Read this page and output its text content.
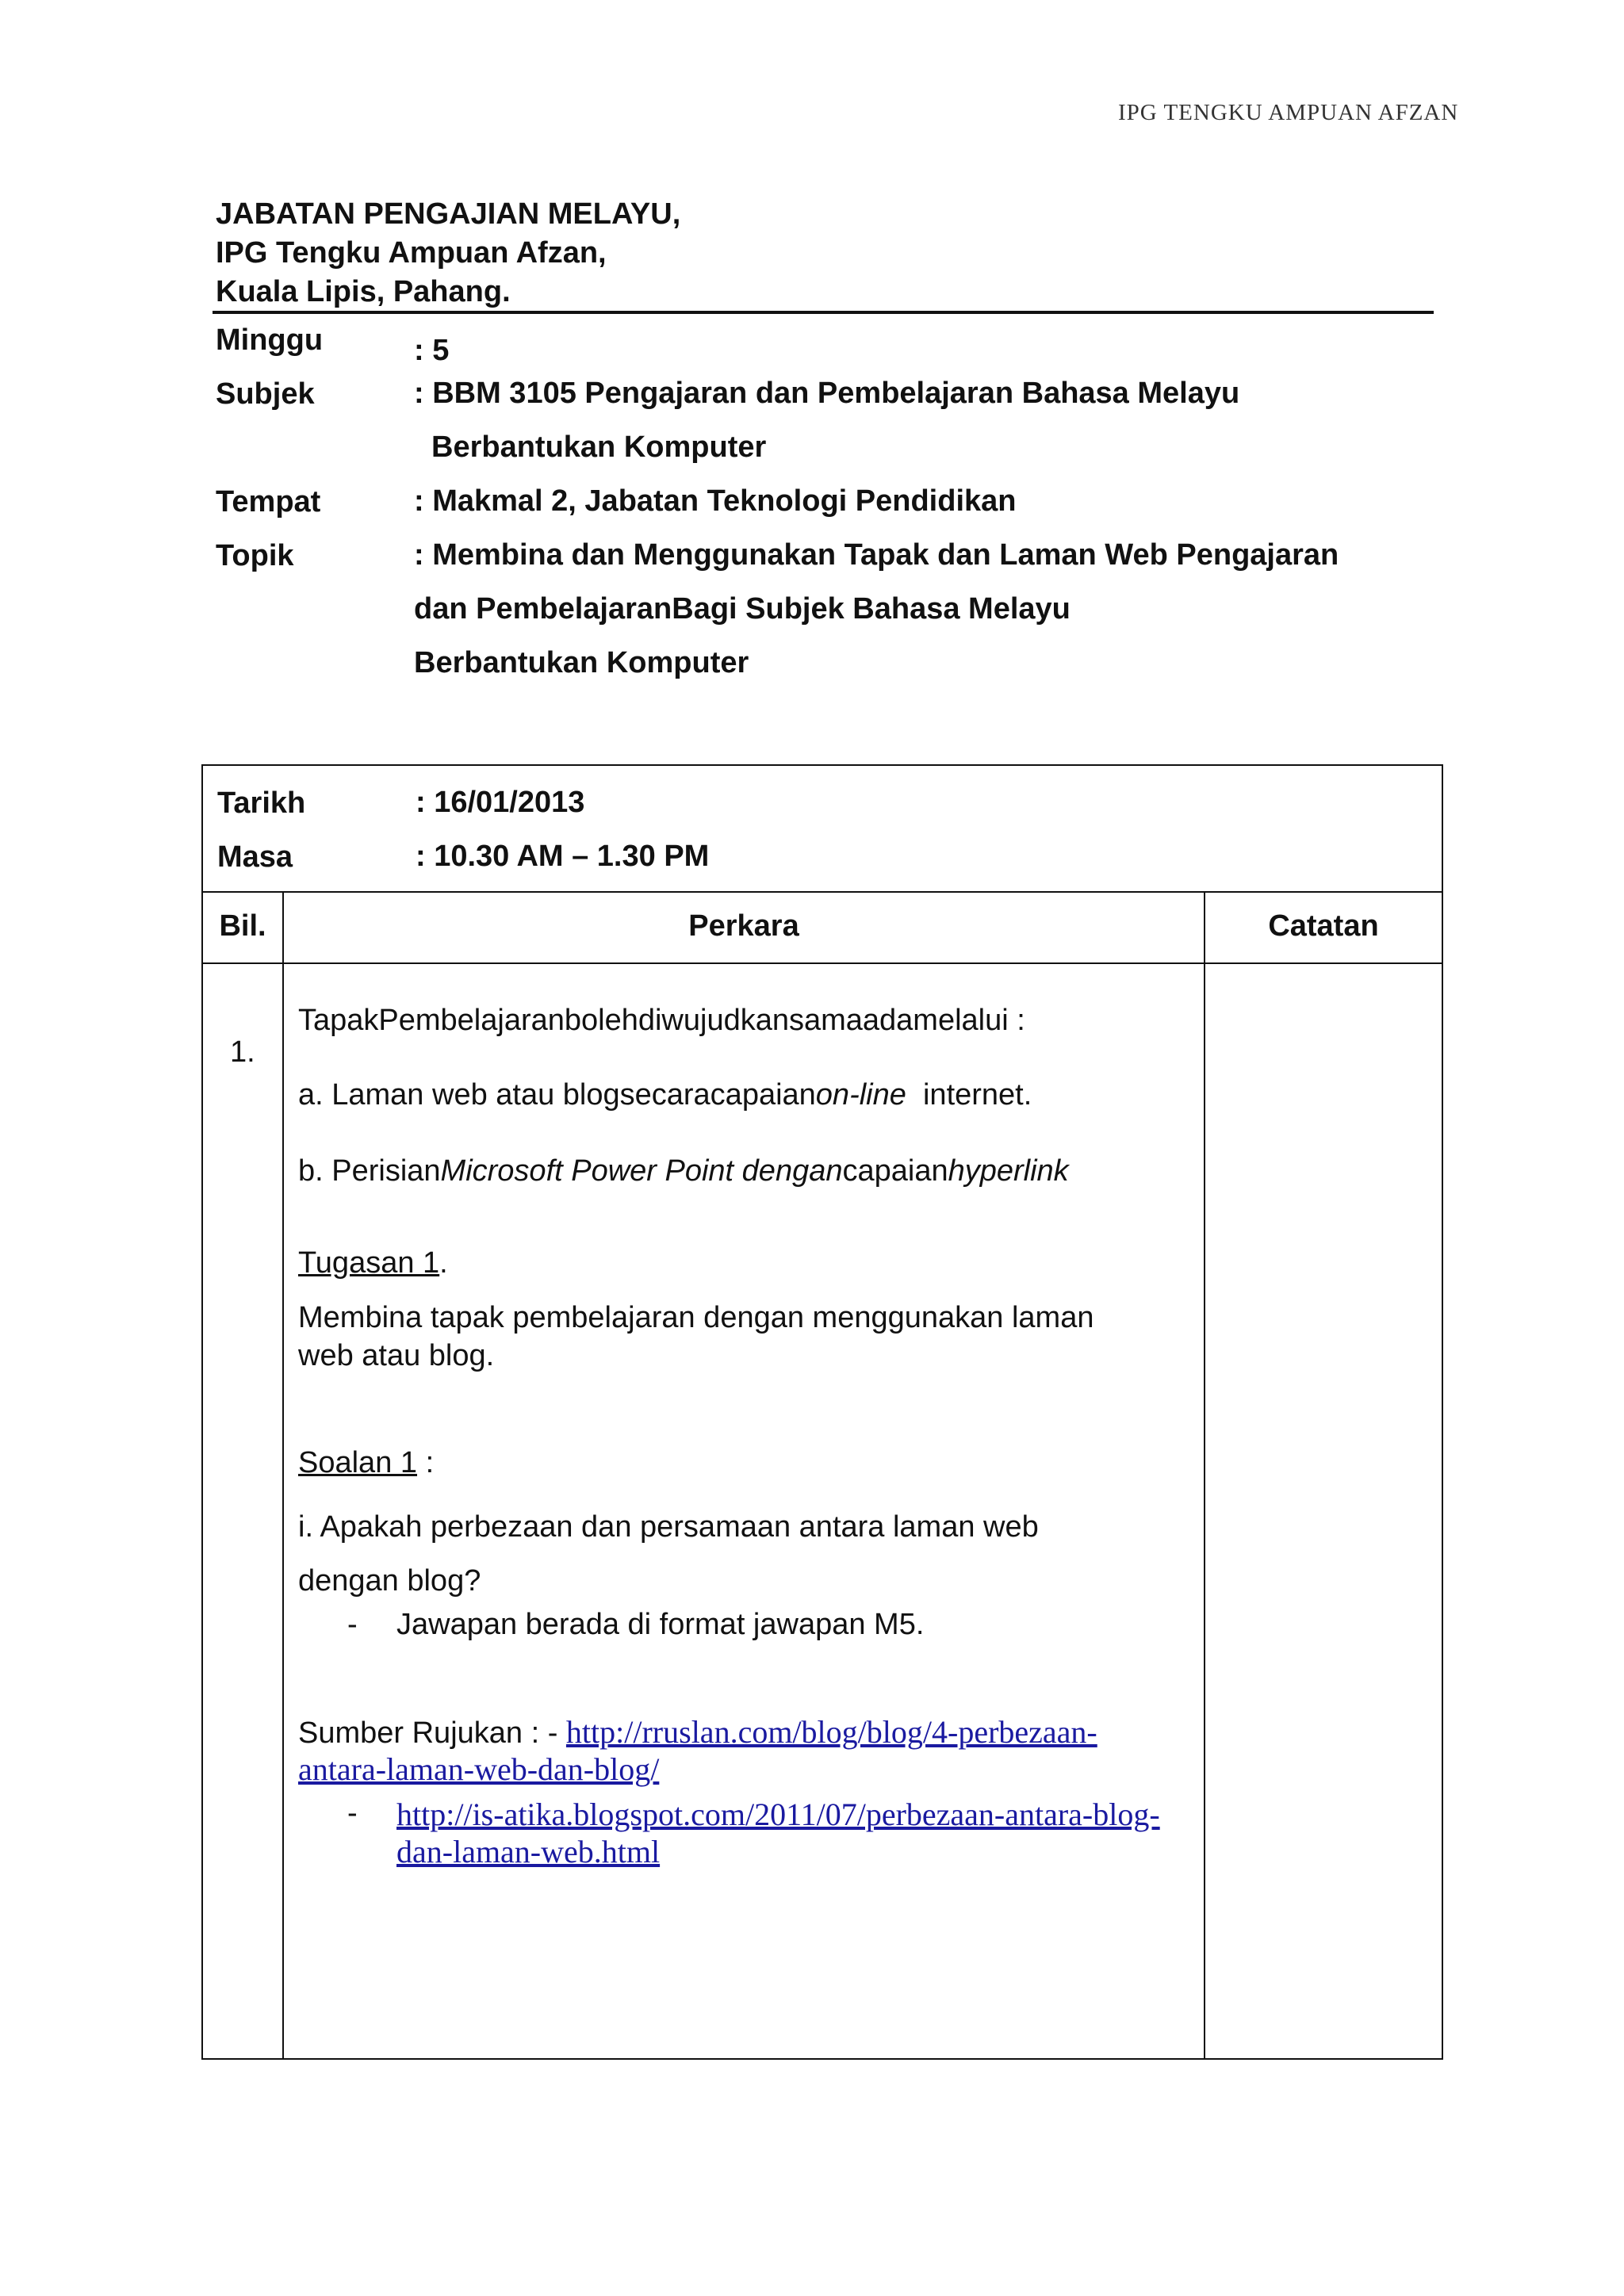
IPG TENGKU AMPUAN AFZAN
JABATAN PENGAJIAN MELAYU,
IPG Tengku Ampuan Afzan,
Kuala Lipis, Pahang.
Minggu	: 5
Subjek	: BBM 3105 Pengajaran dan Pembelajaran Bahasa Melayu
Berbantukan Komputer
Tempat	: Makmal 2, Jabatan Teknologi Pendidikan
Topik	: Membina dan Menggunakan Tapak dan Laman Web Pengajaran
dan PembelajaranBagi Subjek Bahasa Melayu
Berbantukan Komputer
Tarikh	: 16/01/2013
Masa	: 10.30 AM – 1.30 PM
Bil.	Perkara	Catatan
1.
TapakPembelajaranbolehdiwujudkansamaadamelalui :
a. Laman web atau blogsecaracapaianon-line  internet.
b. PerisianMicrosoft Power Point dengancapaianhyperlink
Tugasan 1.
Membina tapak pembelajaran dengan menggunakan laman
web atau blog.
Soalan 1 :
i. Apakah perbezaan dan persamaan antara laman web
dengan blog?
- Jawapan berada di format jawapan M5.
Sumber Rujukan : - http://rruslan.com/blog/blog/4-perbezaan-
antara-laman-web-dan-blog/
- http://is-atika.blogspot.com/2011/07/perbezaan-antara-blog-
dan-laman-web.html
